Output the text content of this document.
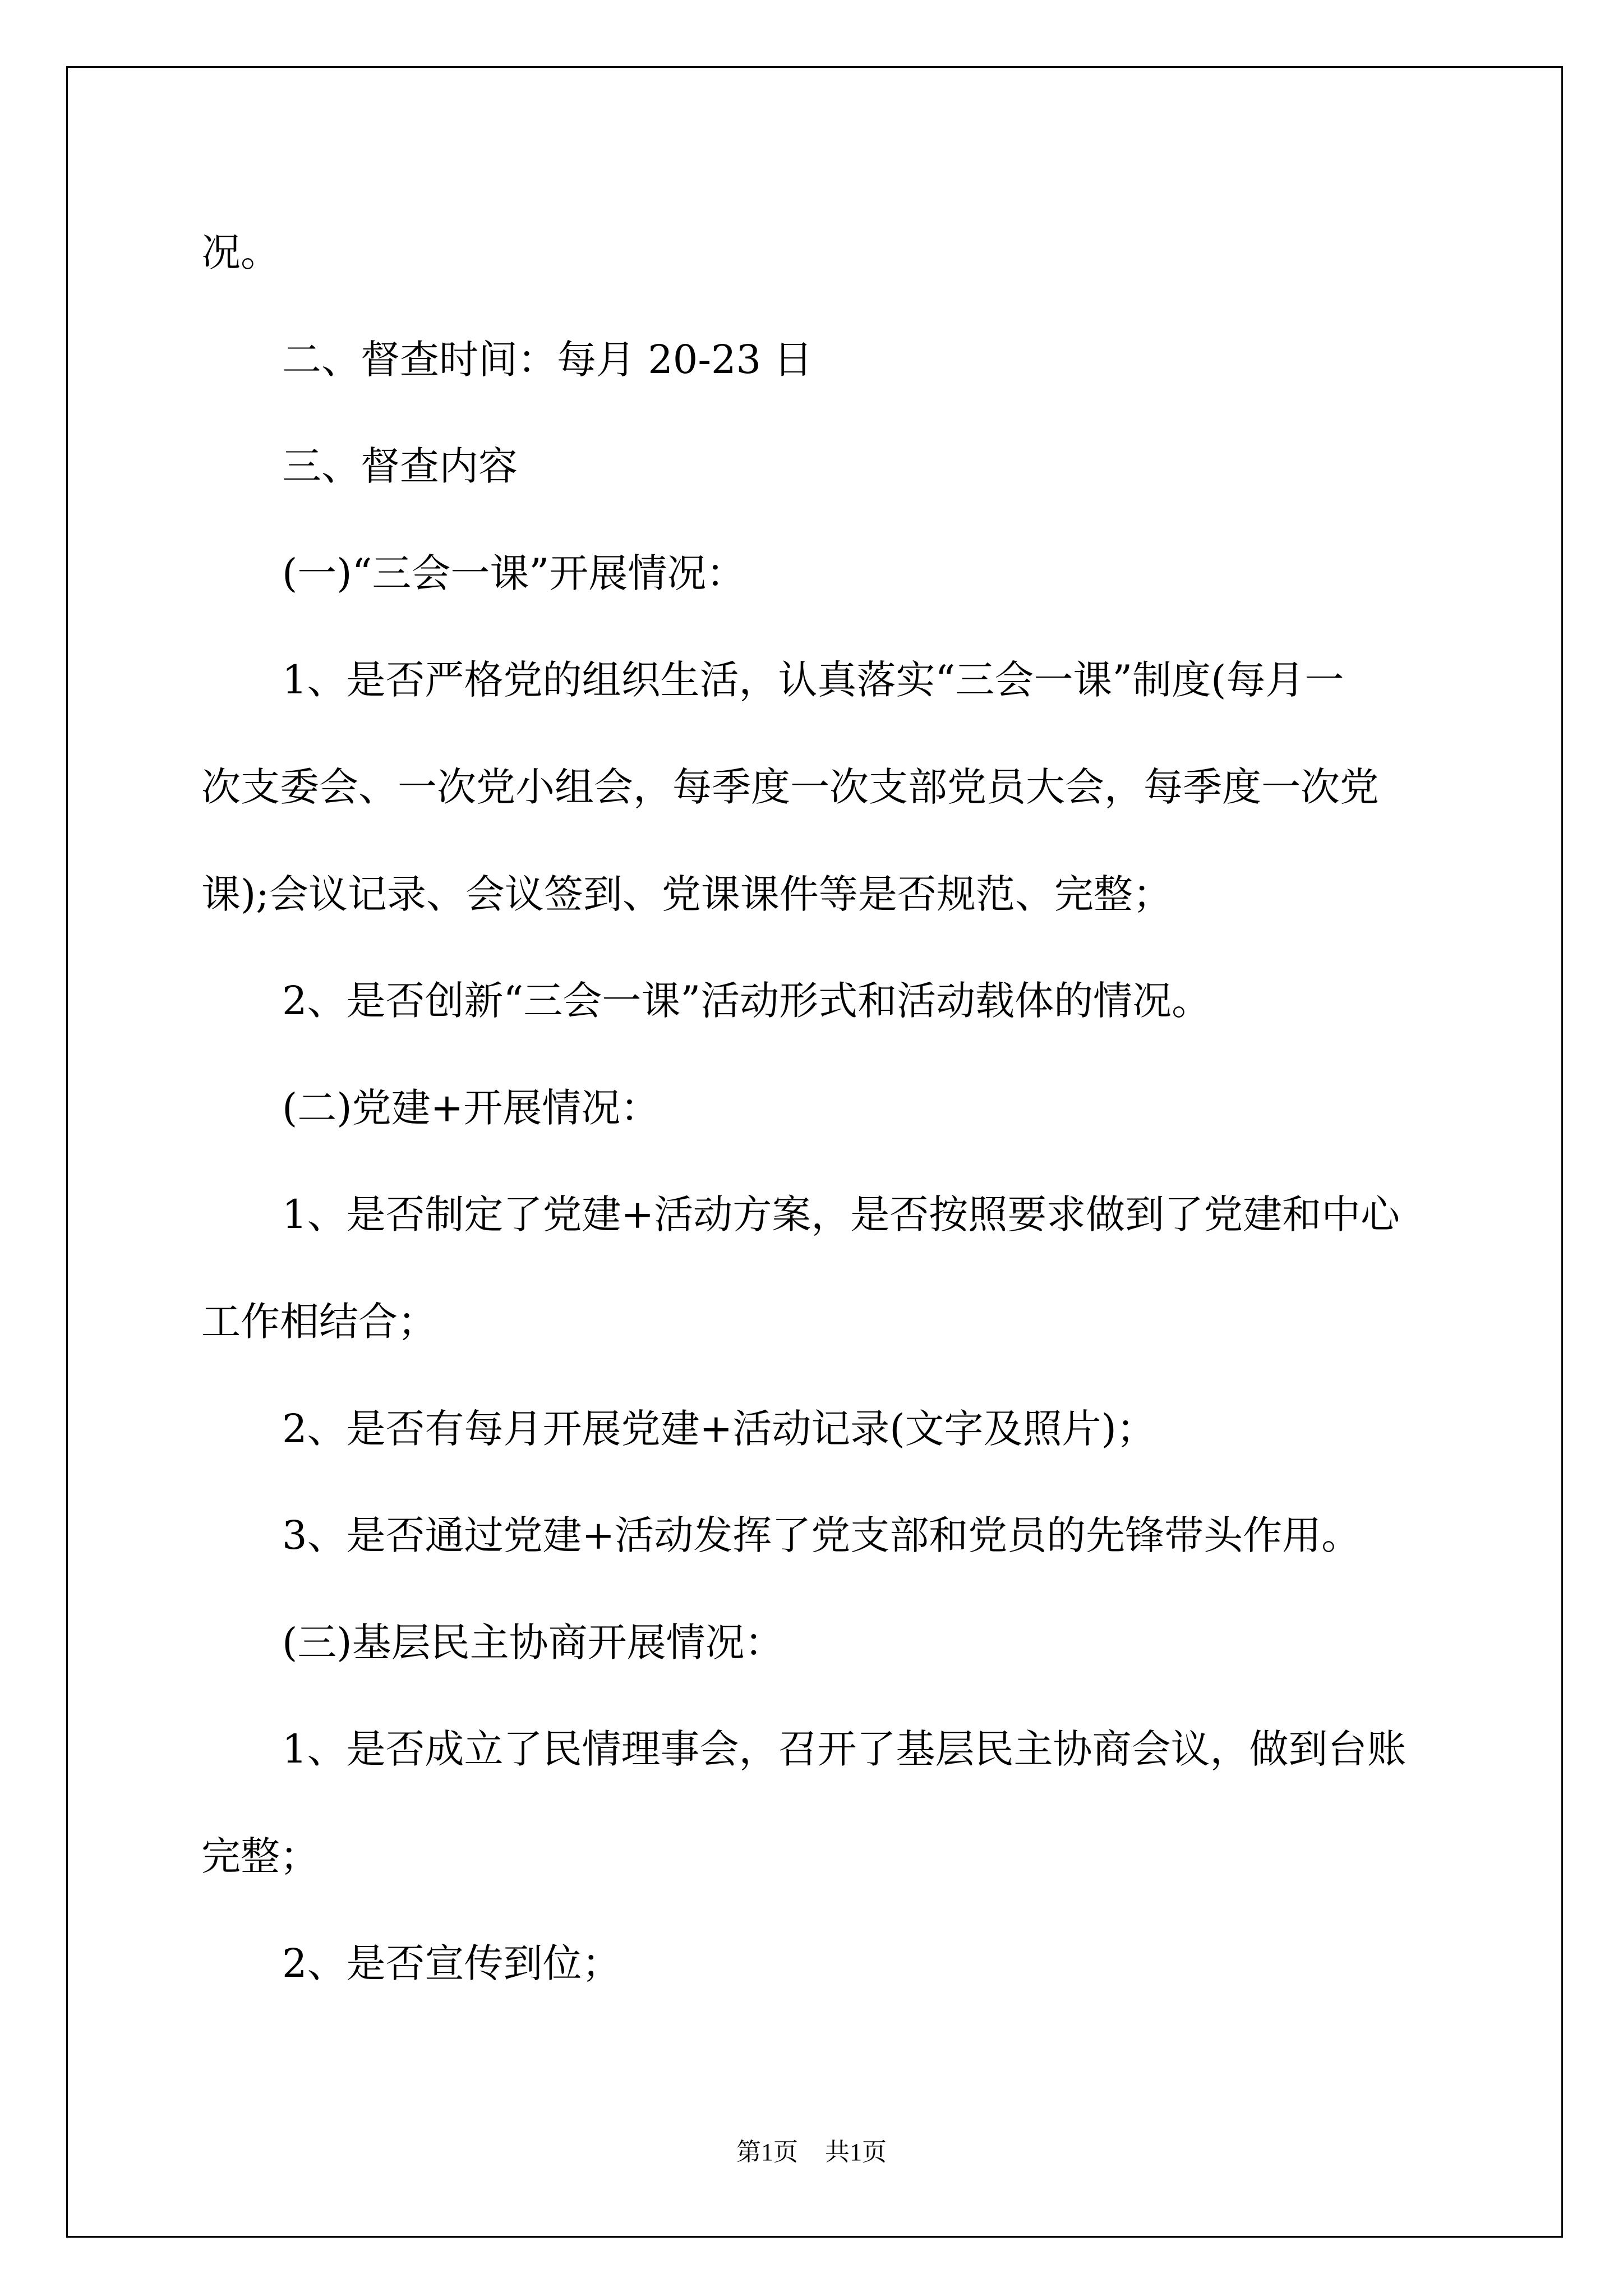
况。
二、督查时间：每月 20-23 日
三、督查内容
(一)“三会一课”开展情况：
1、是否严格党的组织生活，认真落实“三会一课”制度(每月一
次支委会、一次党小组会，每季度一次支部党员大会，每季度一次党
课);会议记录、会议签到、党课课件等是否规范、完整；
2、是否创新“三会一课”活动形式和活动载体的情况。
(二)党建+开展情况：
1、是否制定了党建+活动方案，是否按照要求做到了党建和中心
工作相结合；
2、是否有每月开展党建+活动记录(文字及照片)；
3、是否通过党建+活动发挥了党支部和党员的先锋带头作用。
(三)基层民主协商开展情况：
1、是否成立了民情理事会，召开了基层民主协商会议，做到台账
完整；
2、是否宣传到位；
第1页 共1页
